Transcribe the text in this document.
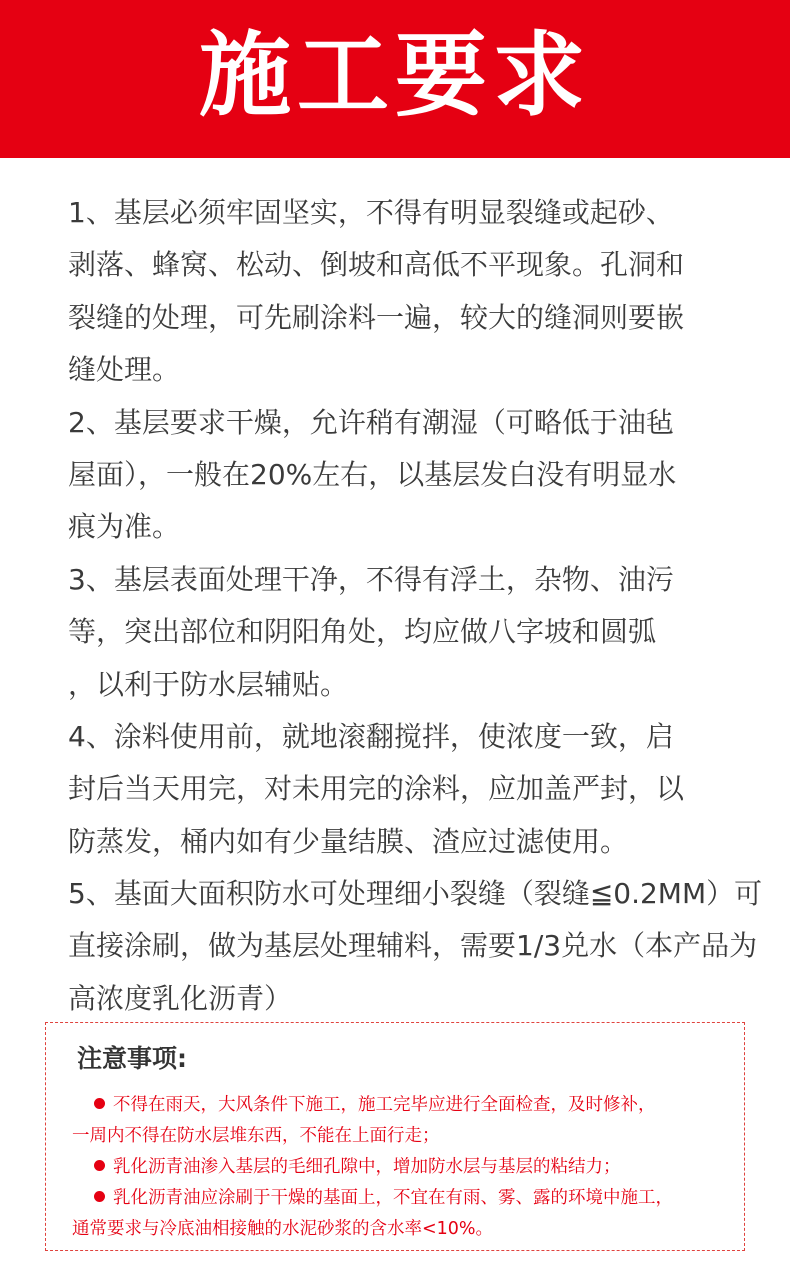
施工要求
1、基层必须牢固坚实，不得有明显裂缝或起砂、
剥落、蜂窝、松动、倒坡和高低不平现象。孔洞和
裂缝的处理，可先刷涂料一遍，较大的缝洞则要嵌
缝处理。
2、基层要求干燥，允许稍有潮湿（可略低于油毡
屋面），一般在20%左右，以基层发白没有明显水
痕为准。
3、基层表面处理干净，不得有浮土，杂物、油污
等，突出部位和阴阳角处，均应做八字坡和圆弧
，以利于防水层辅贴。
4、涂料使用前，就地滚翻搅拌，使浓度一致，启
封后当天用完，对未用完的涂料，应加盖严封，以
防蒸发，桶内如有少量结膜、渣应过滤使用。
5、基面大面积防水可处理细小裂缝（裂缝≦0.2MM）可
直接涂刷，做为基层处理辅料，需要1/3兑水（本产品为
高浓度乳化沥青）
注意事项:
不得在雨天，大风条件下施工，施工完毕应进行全面检查，及时修补，
一周内不得在防水层堆东西，不能在上面行走；
乳化沥青油渗入基层的毛细孔隙中，增加防水层与基层的粘结力；
乳化沥青油应涂刷于干燥的基面上，不宜在有雨、雾、露的环境中施工，
通常要求与冷底油相接触的水泥砂浆的含水率<10%。
